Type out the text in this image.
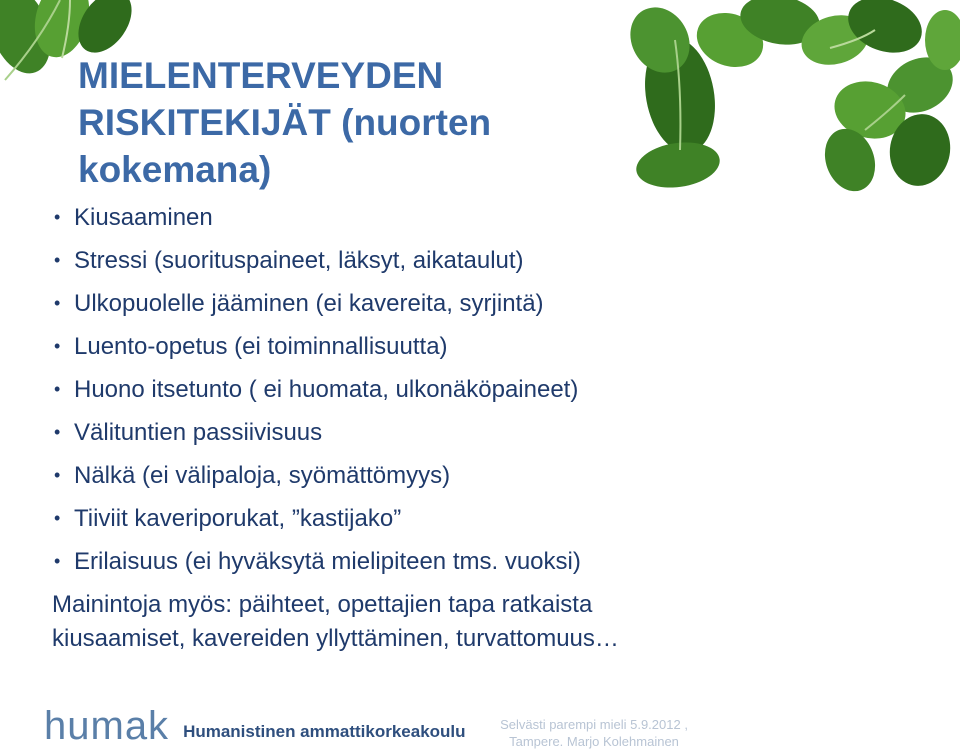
MIELENTERVEYDEN
RISKITEKIJÄT (nuorten
kokemana)
• Kiusaaminen
• Stressi (suorituspaineet, läksyt, aikataulut)
• Ulkopuolelle jääminen (ei kavereita, syrjintä)
• Luento-opetus (ei toiminnallisuutta)
• Huono itsetunto ( ei huomata, ulkonäköpaineet)
• Välituntien passiivisuus
• Nälkä (ei välipaloja, syömättömyys)
• Tiiviit kaveriporukat, ”kastijako”
• Erilaisuus (ei hyväksytä mielipiteen tms. vuoksi)
Mainintoja myös: päihteet, opettajien tapa ratkaista
kiusaamiset, kavereiden yllyttäminen, turvattomuus…
humak Humanistinen ammattikorkeakoulu	Selvästi parempi mieli 5.9.2012 ,
Tampere. Marjo Kolehmainen
